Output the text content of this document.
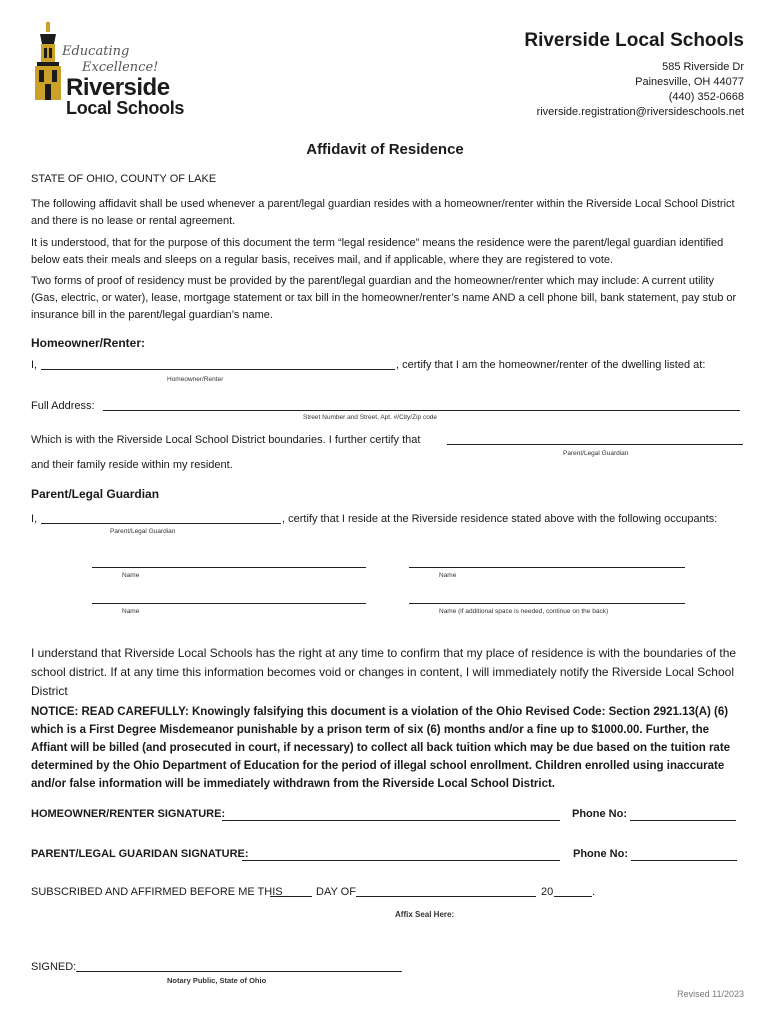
Educating
Excellence!
Riverside
Local Schools
Riverside Local Schools
585 Riverside Dr
Painesville, OH 44077
(440) 352-0668
riverside.registration@riversideschools.net
Affidavit of Residence
STATE OF OHIO, COUNTY OF LAKE
The following affidavit shall be used whenever a parent/legal guardian resides with a homeowner/renter within the Riverside Local School District and there is no lease or rental agreement.
It is understood, that for the purpose of this document the term “legal residence” means the residence were the parent/legal guardian identified below eats their meals and sleeps on a regular basis, receives mail, and if applicable, where they are registered to vote.
Two forms of proof of residency must be provided by the parent/legal guardian and the homeowner/renter which may include: A current utility (Gas, electric, or water), lease, mortgage statement or tax bill in the homeowner/renter’s name AND a cell phone bill, bank statement, pay stub or insurance bill in the parent/legal guardian’s name.
Homeowner/Renter:
I,	, certify that I am the homeowner/renter of the dwelling listed at:
Homeowner/Renter
Full Address:
Street Number and Street, Apt. #/City/Zip code
Which is with the Riverside Local School District boundaries. I further certify that
Parent/Legal Guardian
and their family reside within my resident.
Parent/Legal Guardian
I,	, certify that I reside at the Riverside residence stated above with the following occupants:
Parent/Legal Guardian
Name	Name
Name	Name (if additional space is needed, continue on the back)
I understand that Riverside Local Schools has the right at any time to confirm that my place of residence is with the boundaries of the school district. If at any time this information becomes void or changes in content, I will immediately notify the Riverside Local School District
NOTICE: READ CAREFULLY: Knowingly falsifying this document is a violation of the Ohio Revised Code: Section 2921.13(A) (6) which is a First Degree Misdemeanor punishable by a prison term of six (6) months and/or a fine up to $1000.00. Further, the Affiant will be billed (and prosecuted in court, if necessary) to collect all back tuition which may be due based on the tuition rate determined by the Ohio Department of Education for the period of illegal school enrollment. Children enrolled using inaccurate and/or false information will be immediately withdrawn from the Riverside Local School District.
HOMEOWNER/RENTER SIGNATURE:	Phone No:
PARENT/LEGAL GUARIDAN SIGNATURE:	Phone No:
SUBSCRIBED AND AFFIRMED BEFORE ME THIS	DAY OF	20	.
Affix Seal Here:
SIGNED:
Notary Public, State of Ohio
Revised 11/2023
